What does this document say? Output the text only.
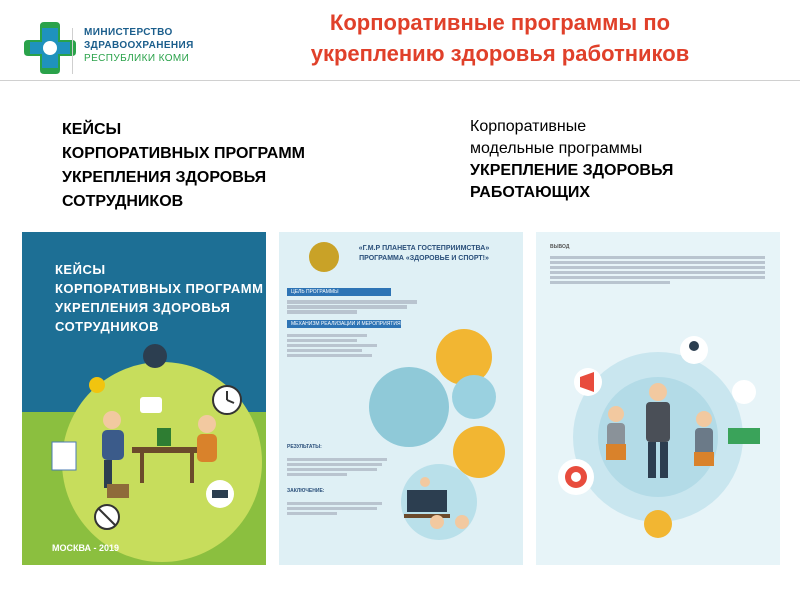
МИНИСТЕРСТВО
ЗДРАВООХРАНЕНИЯ
РЕСПУБЛИКИ КОМИ
Корпоративные программы по
укреплению здоровья работников
КЕЙСЫ
КОРПОРАТИВНЫХ ПРОГРАММ
УКРЕПЛЕНИЯ ЗДОРОВЬЯ
СОТРУДНИКОВ
Корпоративные
модельные программы
УКРЕПЛЕНИЕ ЗДОРОВЬЯ
РАБОТАЮЩИХ
КЕЙСЫ
КОРПОРАТИВНЫХ ПРОГРАММ
УКРЕПЛЕНИЯ ЗДОРОВЬЯ
СОТРУДНИКОВ
МОСКВА - 2019
«Г.М.Р ПЛАНЕТА ГОСТЕПРИИМСТВА»
ПРОГРАММА «ЗДОРОВЬЕ И СПОРТ!»
ЦЕЛЬ ПРОГРАММЫ
МЕХАНИЗМ РЕАЛИЗАЦИИ И МЕРОПРИЯТИЯ
РЕЗУЛЬТАТЫ:
ЗАКЛЮЧЕНИЕ:
ВЫВОД
